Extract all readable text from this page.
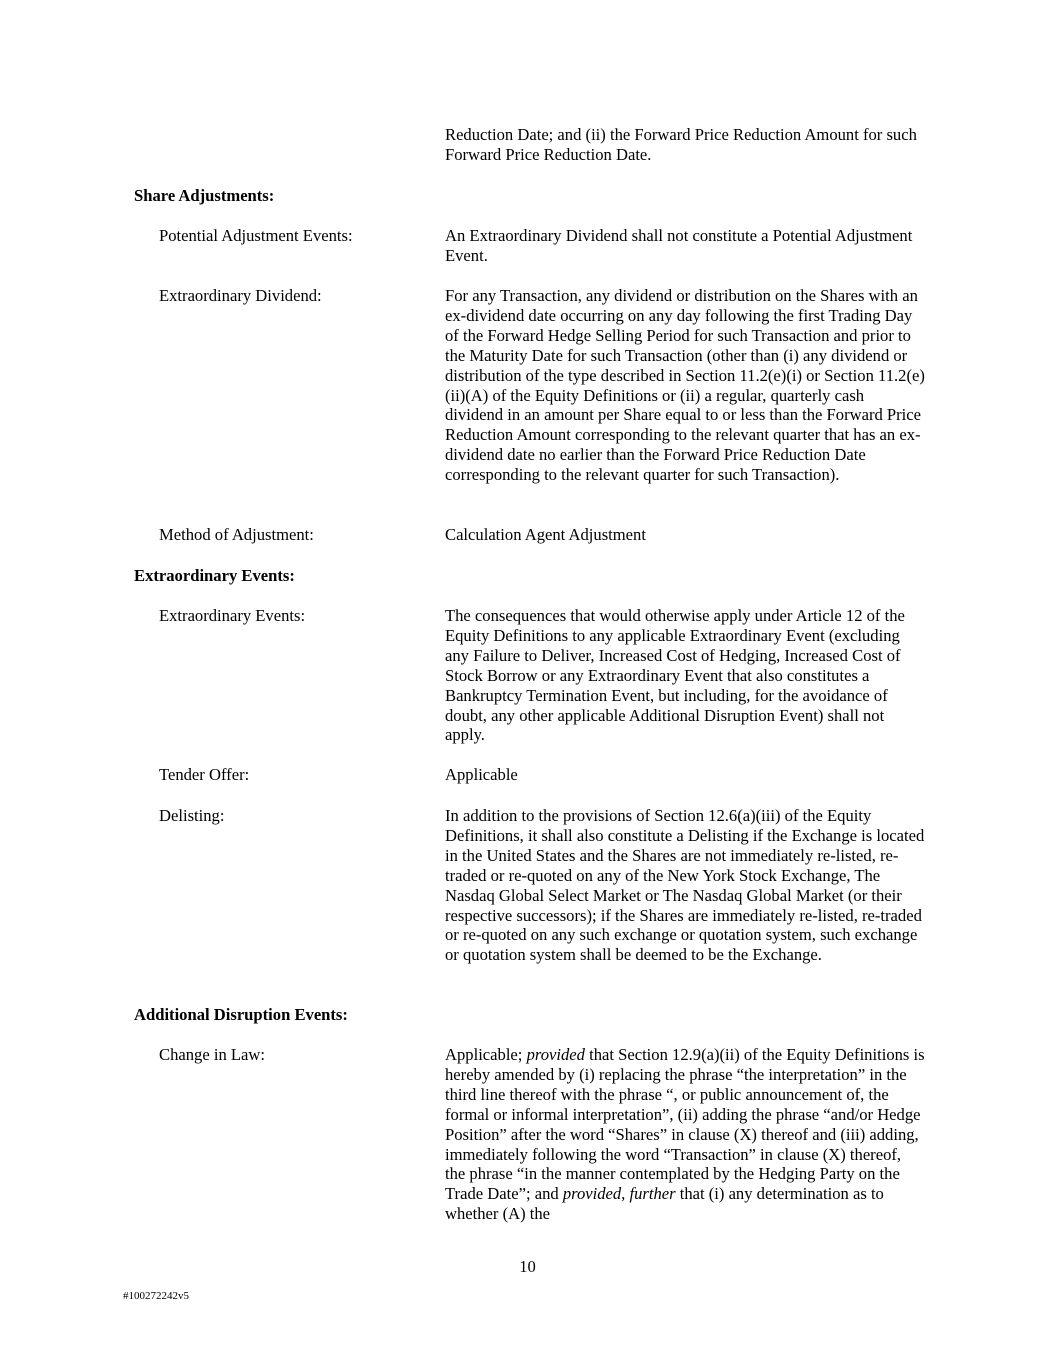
Reduction Date; and (ii) the Forward Price Reduction Amount for such Forward Price Reduction Date.

Share Adjustments:

Potential Adjustment Events:	An Extraordinary Dividend shall not constitute a Potential Adjustment Event.

Extraordinary Dividend:	For any Transaction, any dividend or distribution on the Shares with an ex-dividend date occurring on any day following the first Trading Day of the Forward Hedge Selling Period for such Transaction and prior to the Maturity Date for such Transaction (other than (i) any dividend or distribution of the type described in Section 11.2(e)(i) or Section 11.2(e)(ii)(A) of the Equity Definitions or (ii) a regular, quarterly cash dividend in an amount per Share equal to or less than the Forward Price Reduction Amount corresponding to the relevant quarter that has an ex-dividend date no earlier than the Forward Price Reduction Date corresponding to the relevant quarter for such Transaction).

Method of Adjustment:	Calculation Agent Adjustment

Extraordinary Events:

Extraordinary Events:	The consequences that would otherwise apply under Article 12 of the Equity Definitions to any applicable Extraordinary Event (excluding any Failure to Deliver, Increased Cost of Hedging, Increased Cost of Stock Borrow or any Extraordinary Event that also constitutes a Bankruptcy Termination Event, but including, for the avoidance of doubt, any other applicable Additional Disruption Event) shall not apply.

Tender Offer:	Applicable

Delisting:	In addition to the provisions of Section 12.6(a)(iii) of the Equity Definitions, it shall also constitute a Delisting if the Exchange is located in the United States and the Shares are not immediately re-listed, re-traded or re-quoted on any of the New York Stock Exchange, The Nasdaq Global Select Market or The Nasdaq Global Market (or their respective successors); if the Shares are immediately re-listed, re-traded or re-quoted on any such exchange or quotation system, such exchange or quotation system shall be deemed to be the Exchange.

Additional Disruption Events:

Change in Law:	Applicable; provided that Section 12.9(a)(ii) of the Equity Definitions is hereby amended by (i) replacing the phrase “the interpretation” in the third line thereof with the phrase “, or public announcement of, the formal or informal interpretation”, (ii) adding the phrase “and/or Hedge Position” after the word “Shares” in clause (X) thereof and (iii) adding, immediately following the word “Transaction” in clause (X) thereof, the phrase “in the manner contemplated by the Hedging Party on the Trade Date”; and provided, further that (i) any determination as to whether (A) the

10
#100272242v5
